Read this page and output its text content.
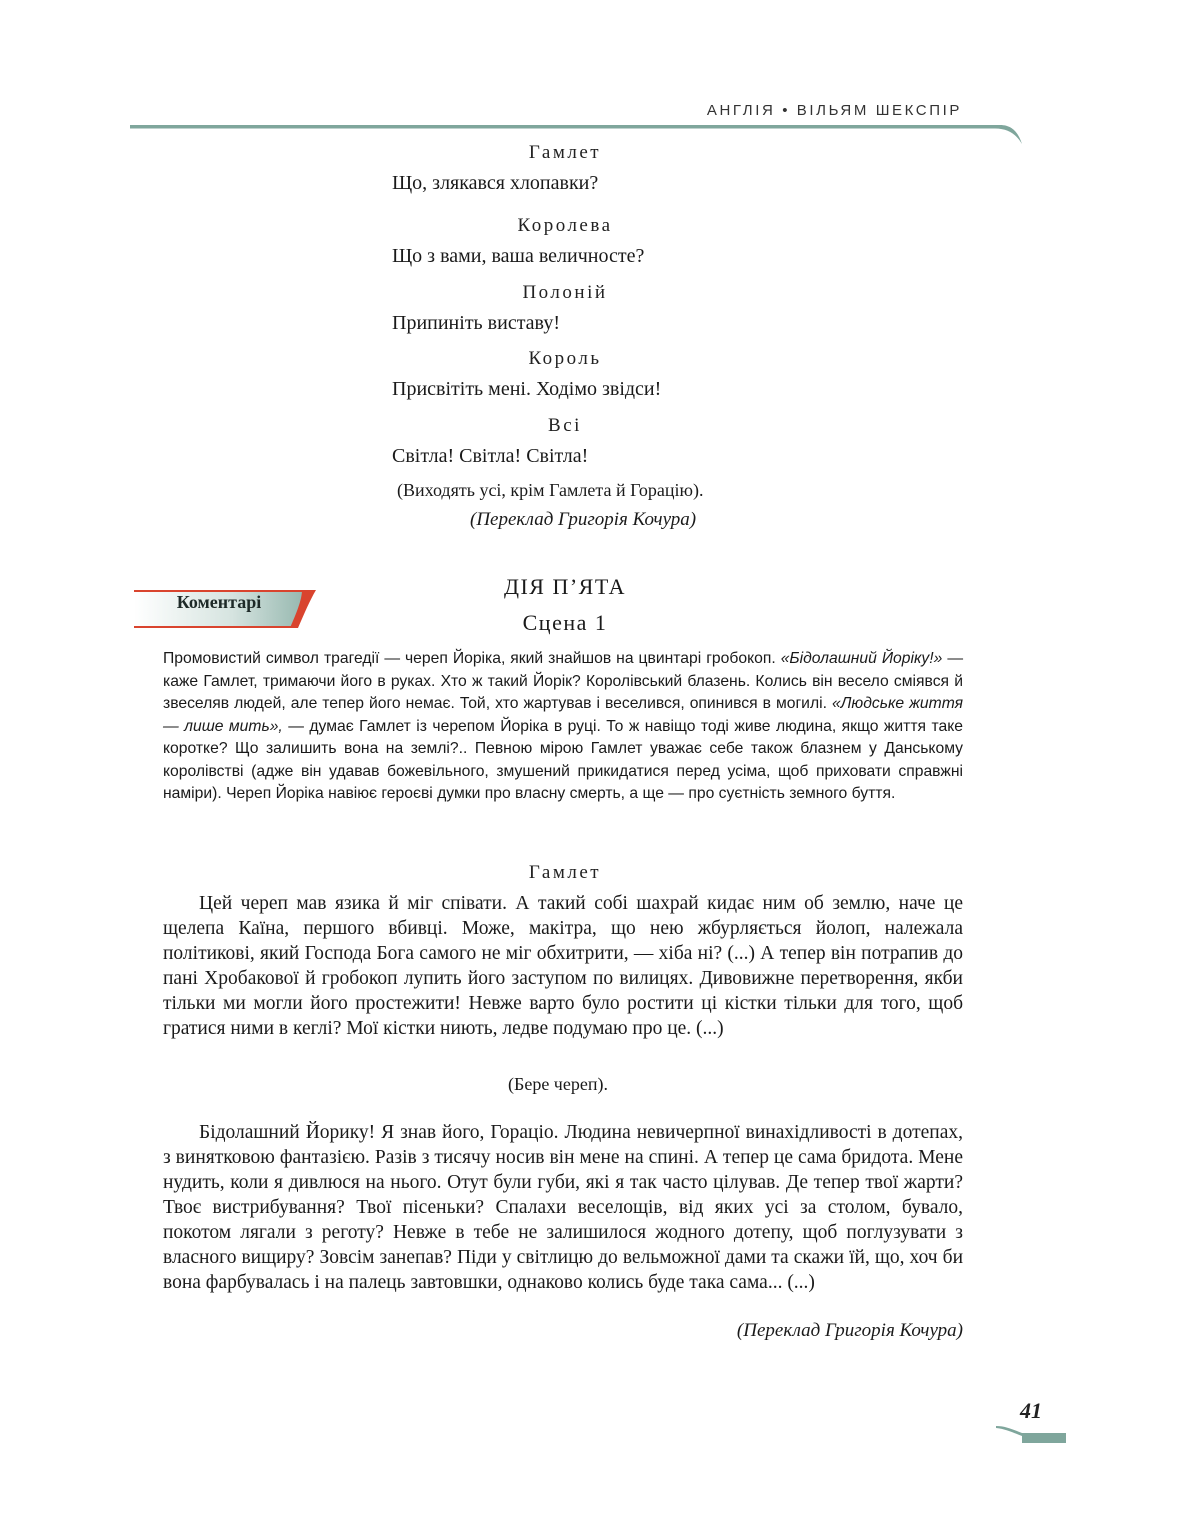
АНГЛІЯ • ВІЛЬЯМ ШЕКСПІР
Гамлет
Що, злякався хлопавки?
Королева
Що з вами, ваша величносте?
Полоній
Припиніть виставу!
Король
Присвітіть мені. Ходімо звідси!
Всі
Світла! Світла! Світла!
(Виходять усі, крім Гамлета й Горацію).
(Переклад Григорія Кочура)
ДІЯ П’ЯТА
Сцена 1
Коментарі
Промовистий символ трагедії — череп Йоріка, який знайшов на цвинтарі гробокоп. «Бідолашний Йоріку!» — каже Гамлет, тримаючи його в руках. Хто ж такий Йорік? Королівський блазень. Колись він весело сміявся й звеселяв людей, але тепер його немає. Той, хто жартував і веселився, опинився в могилі. «Людське життя — лише мить», — думає Гамлет із черепом Йоріка в руці. То ж навіщо тоді живе людина, якщо життя таке коротке? Що залишить вона на землі?.. Певною мірою Гамлет уважає себе також блазнем у Данському королівстві (адже він удавав божевільного, змушений прикидатися перед усіма, щоб приховати справжні наміри). Череп Йоріка навіює героєві думки про власну смерть, а ще — про суєтність земного буття.
Гамлет
Цей череп мав язика й міг співати. А такий собі шахрай кидає ним об землю, наче це щелепа Каїна, першого вбивці. Може, макітра, що нею жбурляється йолоп, належала політикові, який Господа Бога самого не міг обхитрити, — хіба ні? (...) А тепер він потрапив до пані Хробакової й гробокоп лупить його заступом по вилицях. Дивовижне перетворення, якби тільки ми могли його простежити! Невже варто було ростити ці кістки тільки для того, щоб гратися ними в кеглі? Мої кістки ниють, ледве подумаю про це. (...)
(Бере череп).
Бідолашний Йорику! Я знав його, Гораціо. Людина невичерпної винахідливості в дотепах, з винятковою фантазією. Разів з тисячу носив він мене на спині. А тепер це сама бридота. Мене нудить, коли я дивлюся на нього. Отут були губи, які я так часто цілував. Де тепер твої жарти? Твоє вистрибування? Твої пісеньки? Спалахи веселощів, від яких усі за столом, бувало, покотом лягали з реготу? Невже в тебе не залишилося жодного дотепу, щоб поглузувати з власного вищиру? Зовсім занепав? Піди у світлицю до вельможної дами та скажи їй, що, хоч би вона фарбувалась і на палець завтовшки, однаково колись буде така сама... (...)
(Переклад Григорія Кочура)
41
